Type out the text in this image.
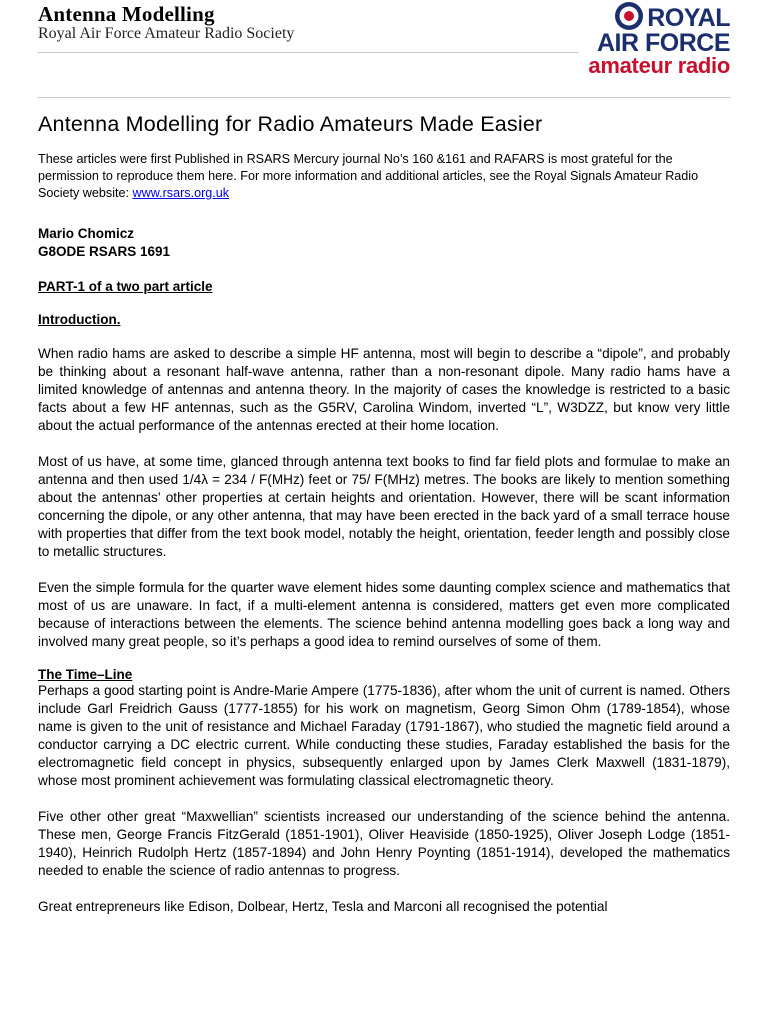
Antenna Modelling
Royal Air Force Amateur Radio Society
ROYAL
AIR FORCE
amateur radio
Antenna Modelling for Radio Amateurs Made Easier

These articles were first Published in RSARS Mercury journal No’s 160 &161 and RAFARS is most grateful for the permission to reproduce them here. For more information and additional articles, see the Royal Signals Amateur Radio Society website: www.rsars.org.uk

Mario Chomicz
G8ODE RSARS 1691
PART-1 of a two part article
Introduction.

When radio hams are asked to describe a simple HF antenna, most will begin to describe a “dipole”, and probably be thinking about a resonant half-wave antenna, rather than a non-resonant dipole. Many radio hams have a limited knowledge of antennas and antenna theory. In the majority of cases the knowledge is restricted to a basic facts about a few HF antennas, such as the G5RV, Carolina Windom, inverted “L”, W3DZZ, but know very little about the actual performance of the antennas erected at their home location.

Most of us have, at some time, glanced through antenna text books to find far field plots and formulae to make an antenna and then used 1/4λ = 234 / F(MHz) feet or 75/ F(MHz) metres. The books are likely to mention something about the antennas’ other properties at certain heights and orientation. However, there will be scant information concerning the dipole, or any other antenna, that may have been erected in the back yard of a small terrace house with properties that differ from the text book model, notably the height, orientation, feeder length and possibly close to metallic structures.

Even the simple formula for the quarter wave element hides some daunting complex science and mathematics that most of us are unaware. In fact, if a multi-element antenna is considered, matters get even more complicated because of interactions between the elements. The science behind antenna modelling goes back a long way and involved many great people, so it’s perhaps a good idea to remind ourselves of some of them.

The Time–Line

Perhaps a good starting point is Andre-Marie Ampere (1775-1836), after whom the unit of current is named. Others include Garl Freidrich Gauss (1777-1855) for his work on magnetism, Georg Simon Ohm (1789-1854), whose name is given to the unit of resistance and Michael Faraday (1791-1867), who studied the magnetic field around a conductor carrying a DC electric current. While conducting these studies, Faraday established the basis for the electromagnetic field concept in physics, subsequently enlarged upon by James Clerk Maxwell (1831-1879), whose most prominent achievement was formulating classical electromagnetic theory.

Five other other great “Maxwellian” scientists increased our understanding of the science behind the antenna. These men, George Francis FitzGerald (1851-1901), Oliver Heaviside (1850-1925), Oliver Joseph Lodge (1851-1940), Heinrich Rudolph Hertz (1857-1894) and John Henry Poynting (1851-1914), developed the mathematics needed to enable the science of radio antennas to progress.

Great entrepreneurs like Edison, Dolbear, Hertz, Tesla and Marconi all recognised the potential
